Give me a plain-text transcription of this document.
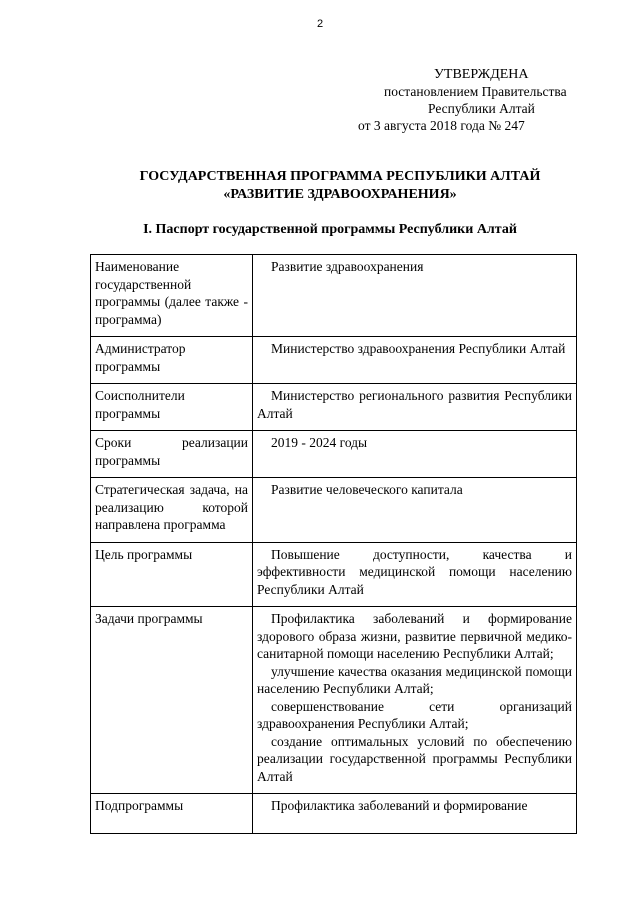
2
УТВЕРЖДЕНА
постановлением Правительства
Республики Алтай
от 3 августа 2018 года № 247
ГОСУДАРСТВЕННАЯ ПРОГРАММА РЕСПУБЛИКИ АЛТАЙ
«РАЗВИТИЕ ЗДРАВООХРАНЕНИЯ»
I. Паспорт государственной программы Республики Алтай
Наименование государственной программы (далее также - программа)	Развитие здравоохранения

Администратор программы	Министерство здравоохранения Республики Алтай

Соисполнители программы	Министерство регионального развития Республики Алтай

Сроки реализации программы	2019 - 2024 годы

Стратегическая задача, на реализацию которой направлена программа	Развитие человеческого капитала

Цель программы	Повышение доступности, качества и эффективности медицинской помощи населению Республики Алтай

Задачи программы	Профилактика заболеваний и формирование здорового образа жизни, развитие первичной медико-санитарной помощи населению Республики Алтай;
улучшение качества оказания медицинской помощи населению Республики Алтай;
совершенствование сети организаций здравоохранения Республики Алтай;
создание оптимальных условий по обеспечению реализации государственной программы Республики Алтай

Подпрограммы	Профилактика заболеваний и формирование
